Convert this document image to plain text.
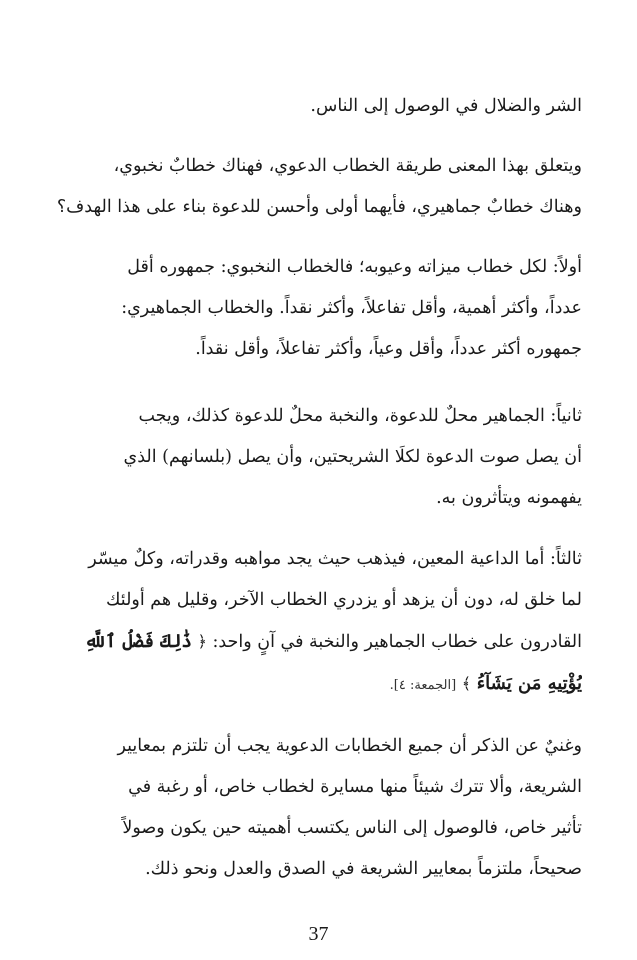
الشر والضلال في الوصول إلى الناس.
ويتعلق بهذا المعنى طريقة الخطاب الدعوي، فهناك خطابٌ نخبوي،
وهناك خطابٌ جماهيري، فأيهما أولى وأحسن للدعوة بناء على هذا الهدف؟
أولاً: لكل خطاب ميزاته وعيوبه؛ فالخطاب النخبوي: جمهوره أقل
عدداً، وأكثر أهمية، وأقل تفاعلاً، وأكثر نقداً. والخطاب الجماهيري:
جمهوره أكثر عدداً، وأقل وعياً، وأكثر تفاعلاً، وأقل نقداً.
ثانياً: الجماهير محلٌ للدعوة، والنخبة محلٌ للدعوة كذلك، ويجب
أن يصل صوت الدعوة لكلَا الشريحتين، وأن يصل (بلسانهم) الذي
يفهمونه ويتأثرون به.
ثالثاً: أما الداعية المعين، فيذهب حيث يجد مواهبه وقدراته، وكلٌ ميسّر
لما خلق له، دون أن يزهد أو يزدري الخطاب الآخر، وقليل هم أولئك
القادرون على خطاب الجماهير والنخبة في آنٍ واحد: ﴿ ذَٰلِكَ فَضْلُ ٱللَّهِ
يُؤْتِيهِ مَن يَشَآءُ ﴾ [الجمعة: ٤].
وغنيٌ عن الذكر أن جميع الخطابات الدعوية يجب أن تلتزم بمعايير
الشريعة، وألا تترك شيئاً منها مسايرة لخطاب خاص، أو رغبة في
تأثير خاص، فالوصول إلى الناس يكتسب أهميته حين يكون وصولاً
صحيحاً، ملتزماً بمعايير الشريعة في الصدق والعدل ونحو ذلك.
37
